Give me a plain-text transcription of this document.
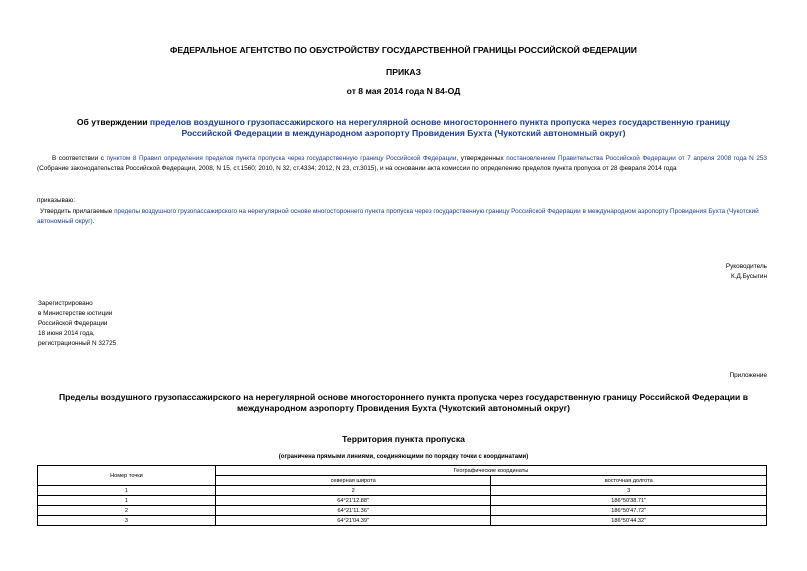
ФЕДЕРАЛЬНОЕ АГЕНТСТВО ПО ОБУСТРОЙСТВУ ГОСУДАРСТВЕННОЙ ГРАНИЦЫ РОССИЙСКОЙ ФЕДЕРАЦИИ
ПРИКАЗ
от 8 мая 2014 года N 84-ОД
Об утверждении пределов воздушного грузопассажирского на нерегулярной основе многостороннего пункта пропуска через государственную границу Российской Федерации в международном аэропорту Провидения Бухта (Чукотский автономный округ)
В соответствии с пунктом 8 Правил определения пределов пункта пропуска через государственную границу Российской Федерации, утвержденных постановлением Правительства Российской Федерации от 7 апреля 2008 года N 253 (Собрание законодательства Российской Федерации, 2008, N 15, ст.1560; 2010, N 32, ст.4334; 2012, N 23, ст.3015), и на основании акта комиссии по определению пределов пункта пропуска от 28 февраля 2014 года
приказываю:
Утвердить прилагаемые пределы воздушного грузопассажирского на нерегулярной основе многостороннего пункта пропуска через государственную границу Российской Федерации в международном аэропорту Провидения Бухта (Чукотский автономный округ).
Руководитель
К.Д.Бусыгин
Зарегистрировано
в Министерстве юстиции
Российской Федерации
18 июня 2014 года,
регистрационный N 32725
Приложение
Пределы воздушного грузопассажирского на нерегулярной основе многостороннего пункта пропуска через государственную границу Российской Федерации в международном аэропорту Провидения Бухта (Чукотский автономный округ)
Территория пункта пропуска
(ограничена прямыми линиями, соединяющими по порядку точки с координатами)
Номер точки	Географические координаты	
	северная широта	восточная долгота
1	2	3
1	64°21'12.88"	186°50'38.71"
2	64°21'11.36"	186°50'47.72"
3	64°21'04.39"	186°50'44.32"
